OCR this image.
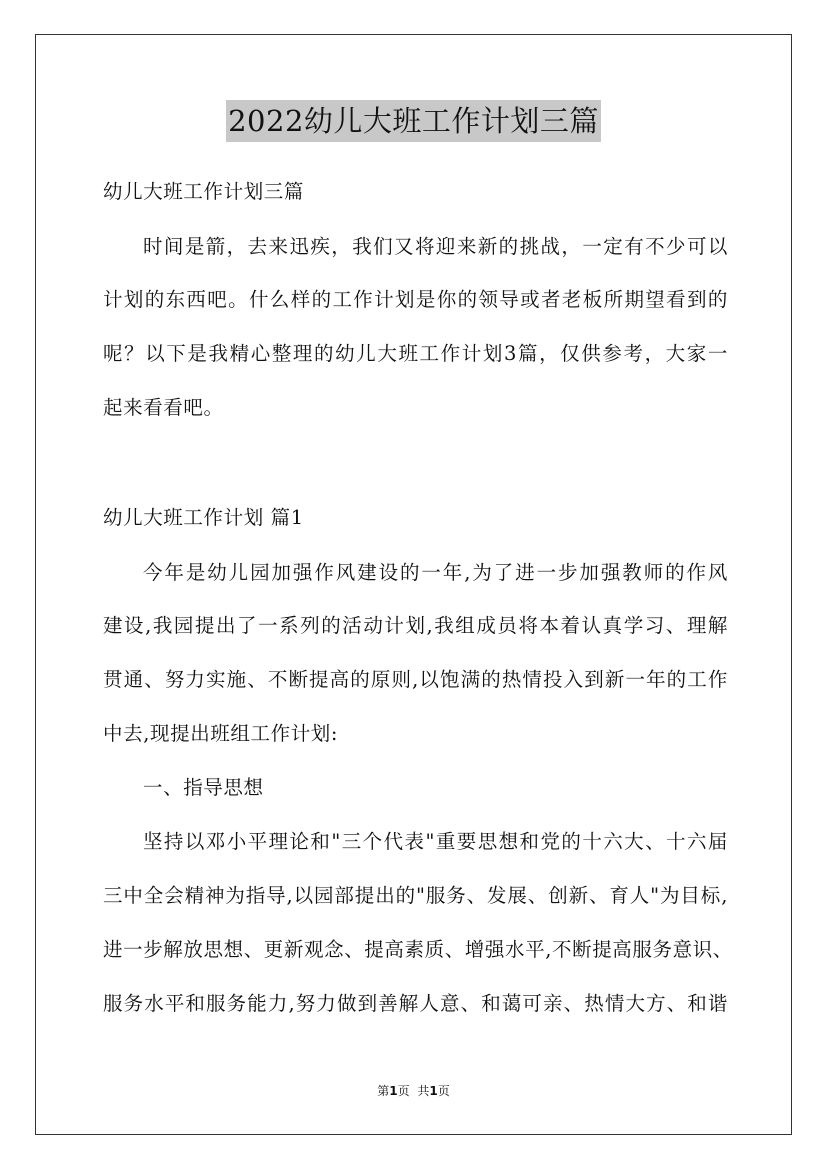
2022幼儿大班工作计划三篇
幼儿大班工作计划三篇
时间是箭，去来迅疾，我们又将迎来新的挑战，一定有不少可以
计划的东西吧。什么样的工作计划是你的领导或者老板所期望看到的
呢？以下是我精心整理的幼儿大班工作计划3篇，仅供参考，大家一
起来看看吧。
幼儿大班工作计划 篇1
今年是幼儿园加强作风建设的一年,为了进一步加强教师的作风
建设,我园提出了一系列的活动计划,我组成员将本着认真学习、理解
贯通、努力实施、不断提高的原则,以饱满的热情投入到新一年的工作
中去,现提出班组工作计划:
一、指导思想
坚持以邓小平理论和"三个代表"重要思想和党的十六大、十六届
三中全会精神为指导,以园部提出的"服务、发展、创新、育人"为目标,
进一步解放思想、更新观念、提高素质、增强水平,不断提高服务意识、
服务水平和服务能力,努力做到善解人意、和蔼可亲、热情大方、和谐
第1页 共1页
